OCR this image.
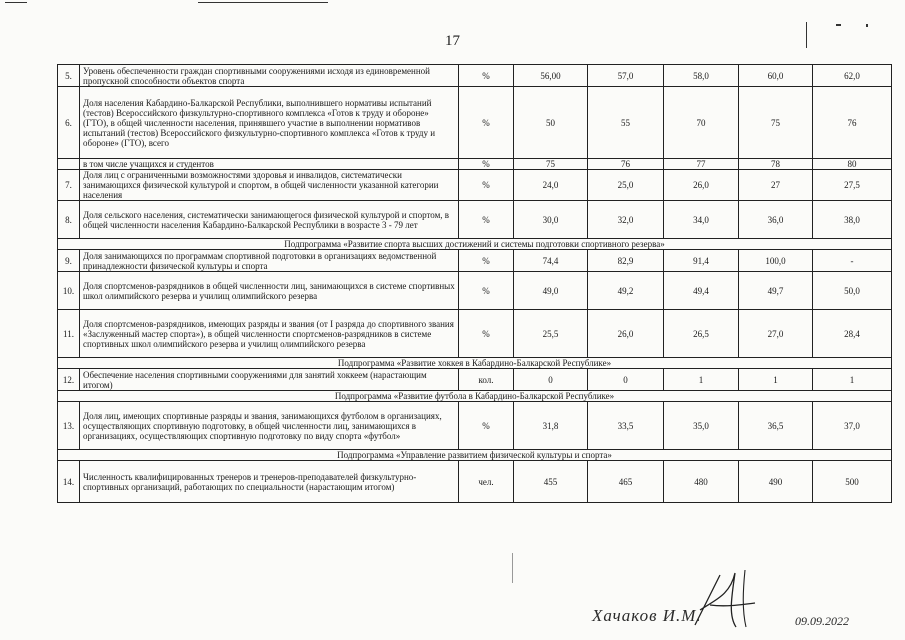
17
5.	Уровень обеспеченности граждан спортивными сооружениями исходя из единовременной пропускной способности объектов спорта	%	56,00	57,0	58,0	60,0	62,0
6.	Доля населения Кабардино-Балкарской Республики, выполнившего нормативы испытаний (тестов) Всероссийского физкультурно-спортивного комплекса «Готов к труду и обороне» (ГТО), в общей численности населения, принявшего участие в выполнении нормативов испытаний (тестов) Всероссийского физкультурно-спортивного комплекса «Готов к труду и обороне» (ГТО), всего	%	50	55	70	75	76
	в том числе учащихся и студентов	%	75	76	77	78	80
7.	Доля лиц с ограниченными возможностями здоровья и инвалидов, систематически занимающихся физической культурой и спортом, в общей численности указанной категории населения	%	24,0	25,0	26,0	27	27,5
8.	Доля сельского населения, систематически занимающегося физической культурой и спортом, в общей численности населения Кабардино-Балкарской Республики в возрасте 3 - 79 лет	%	30,0	32,0	34,0	36,0	38,0
Подпрограмма «Развитие спорта высших достижений и системы подготовки спортивного резерва»							
9.	Доля занимающихся по программам спортивной подготовки в организациях ведомственной принадлежности физической культуры и спорта	%	74,4	82,9	91,4	100,0	-
10.	Доля спортсменов-разрядников в общей численности лиц, занимающихся в системе спортивных школ олимпийского резерва и училищ олимпийского резерва	%	49,0	49,2	49,4	49,7	50,0
11.	Доля спортсменов-разрядников, имеющих разряды и звания (от I разряда до спортивного звания «Заслуженный мастер спорта»), в общей численности спортсменов-разрядников в системе спортивных школ олимпийского резерва и училищ олимпийского резерва	%	25,5	26,0	26,5	27,0	28,4
Подпрограмма «Развитие хоккея в Кабардино-Балкарской Республике»							
12.	Обеспечение населения спортивными сооружениями для занятий хоккеем (нарастающим итогом)	кол.	0	0	1	1	1
Подпрограмма «Развитие футбола в Кабардино-Балкарской Республике»							
13.	Доля лиц, имеющих спортивные разряды и звания, занимающихся футболом в организациях, осуществляющих спортивную подготовку, в общей численности лиц, занимающихся в организациях, осуществляющих спортивную подготовку по виду спорта «футбол»	%	31,8	33,5	35,0	36,5	37,0
Подпрограмма «Управление развитием физической культуры и спорта»							
14.	Численность квалифицированных тренеров и тренеров-преподавателей физкультурно-спортивных организаций, работающих по специальности (нарастающим итогом)	чел.	455	465	480	490	500
Хачаков И.М.	09.09.2022
